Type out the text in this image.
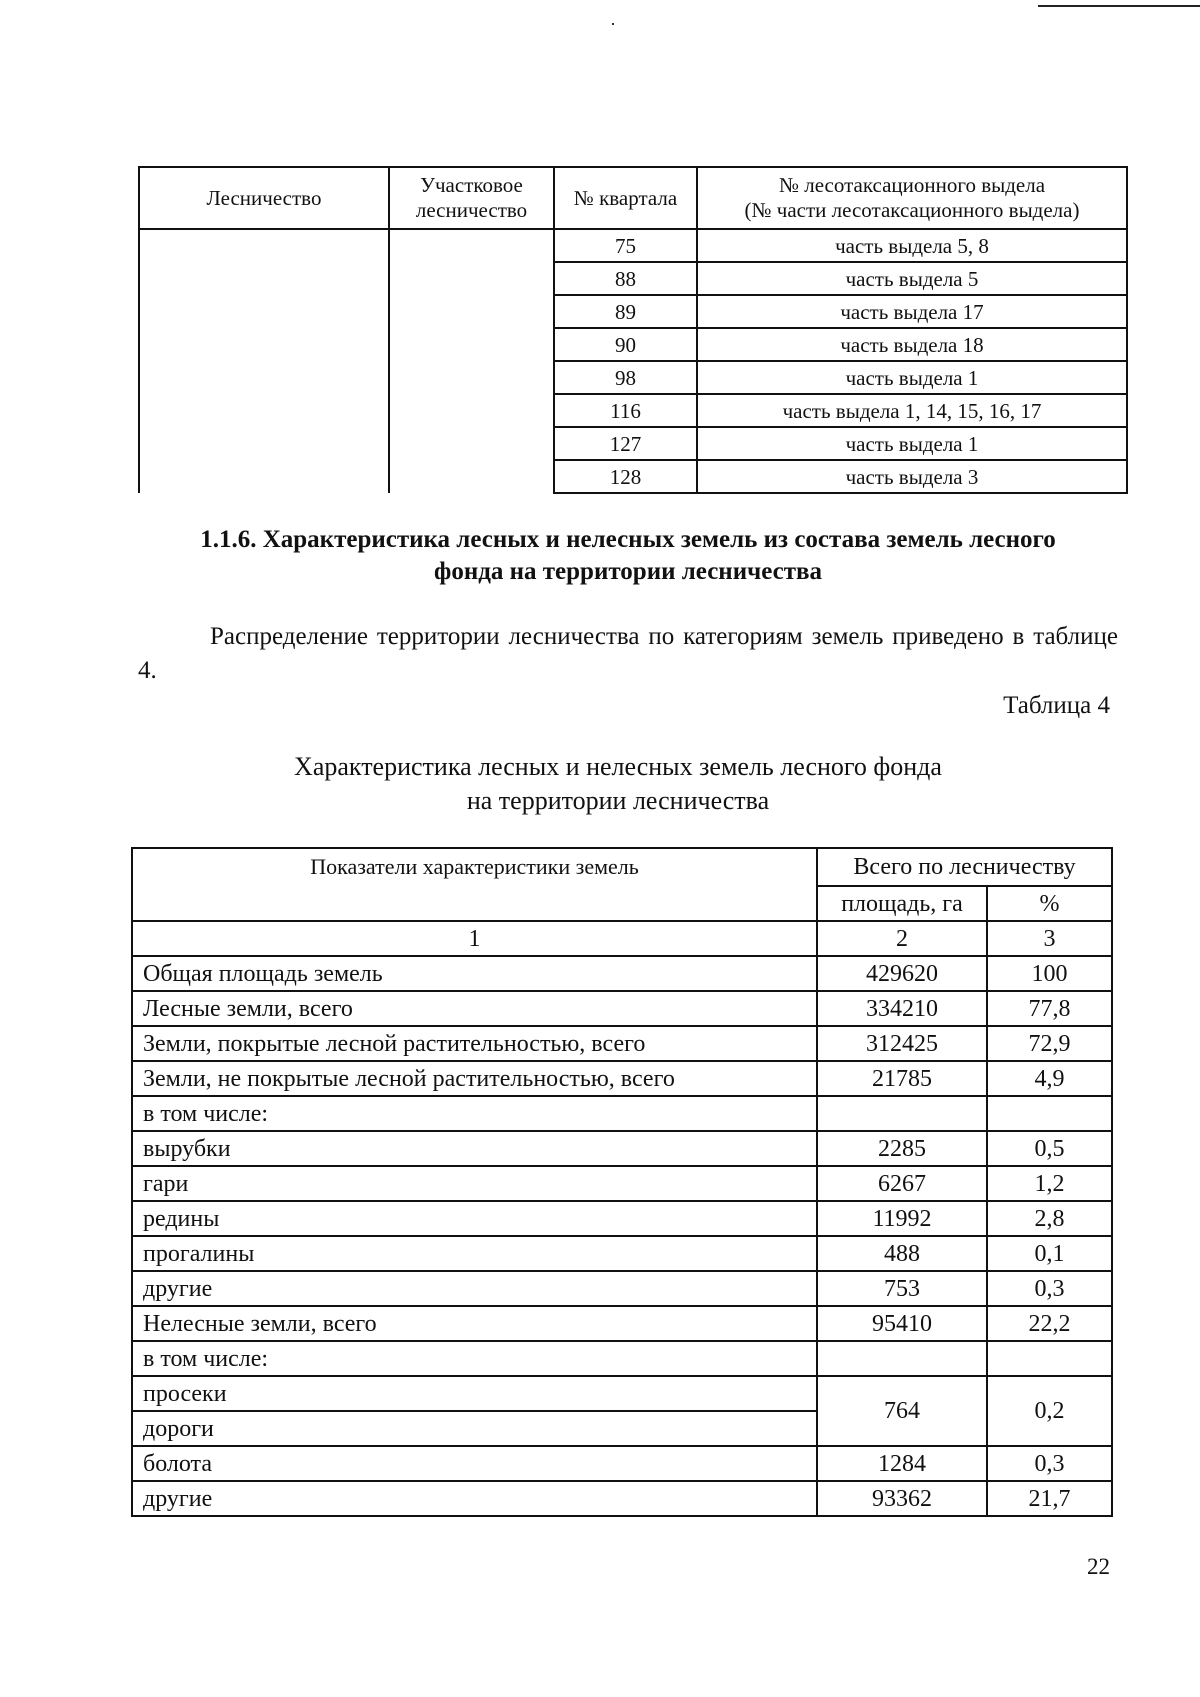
Лесничество	Участковое лесничество	№ квартала	№ лесотаксационного выдела
(№ части лесотаксационного выдела)

		75	часть выдела 5, 8
		88	часть выдела 5
		89	часть выдела 17
		90	часть выдела 18
		98	часть выдела 1
		116	часть выдела 1, 14, 15, 16, 17
		127	часть выдела 1
		128	часть выдела 3
1.1.6. Характеристика лесных и нелесных земель из состава земель лесного
фонда на территории лесничества
Распределение территории лесничества по категориям земель приведено в таблице 4.
Таблица 4
Характеристика лесных и нелесных земель лесного фонда
на территории лесничества
Показатели характеристики земель	Всего по лесничеству	
	площадь, га	%
1	2	3
Общая площадь земель	429620	100
Лесные земли, всего	334210	77,8
Земли, покрытые лесной растительностью, всего	312425	72,9
Земли, не покрытые лесной растительностью, всего	21785	4,9
в том числе:		
вырубки	2285	0,5
гари	6267	1,2
редины	11992	2,8
прогалины	488	0,1
другие	753	0,3
Нелесные земли, всего	95410	22,2
в том числе:		
просеки	764	0,2
дороги		
болота	1284	0,3
другие	93362	21,7
22
